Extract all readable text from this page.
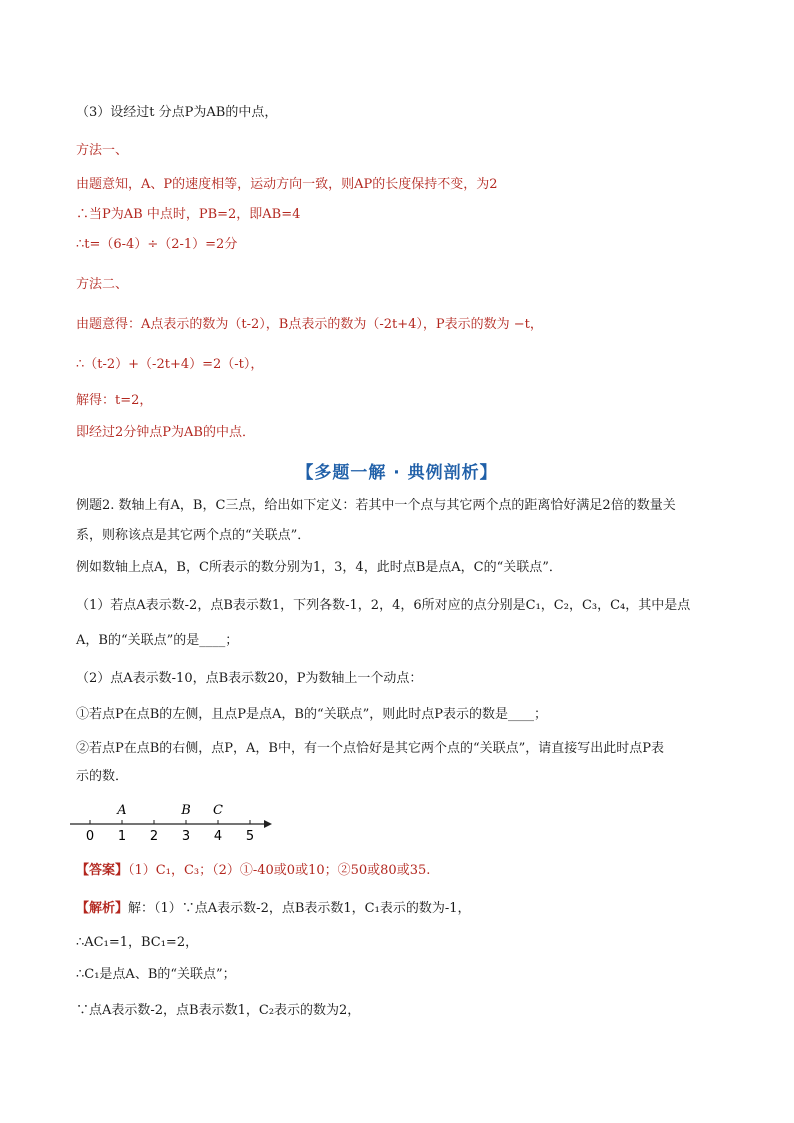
（3）设经过t 分点P为AB的中点，
方法一、
由题意知，A、P的速度相等，运动方向一致，则AP的长度保持不变，为2
∴当P为AB 中点时，PB=2，即AB=4
∴t=（6-4）÷（2-1）=2分
方法二、
由题意得：A点表示的数为（t-2），B点表示的数为（-2t+4），P表示的数为 −t，
∴（t-2）+（-2t+4）=2（-t），
解得：t=2，
即经过2分钟点P为AB的中点．
【多题一解 · 典例剖析】
例题2. 数轴上有A，B，C三点，给出如下定义：若其中一个点与其它两个点的距离恰好满足2倍的数量关
系，则称该点是其它两个点的“关联点”．
例如数轴上点A，B，C所表示的数分别为1，3，4，此时点B是点A，C的“关联点”．
（1）若点A表示数-2，点B表示数1，下列各数-1，2，4，6所对应的点分别是C₁，C₂，C₃，C₄，其中是点
A，B的“关联点”的是____；
（2）点A表示数-10，点B表示数20，P为数轴上一个动点：
①若点P在点B的左侧，且点P是点A，B的“关联点”，则此时点P表示的数是____；
②若点P在点B的右侧，点P，A，B中，有一个点恰好是其它两个点的“关联点”，请直接写出此时点P表
示的数．
0 1 2 3 4 5
A	B C
【答案】（1）C₁，C₃；（2）①-40或0或10；②50或80或35.
【解析】解：（1）∵点A表示数-2，点B表示数1，C₁表示的数为-1，
∴AC₁=1，BC₁=2，
∴C₁是点A、B的“关联点”；
∵点A表示数-2，点B表示数1，C₂表示的数为2，
